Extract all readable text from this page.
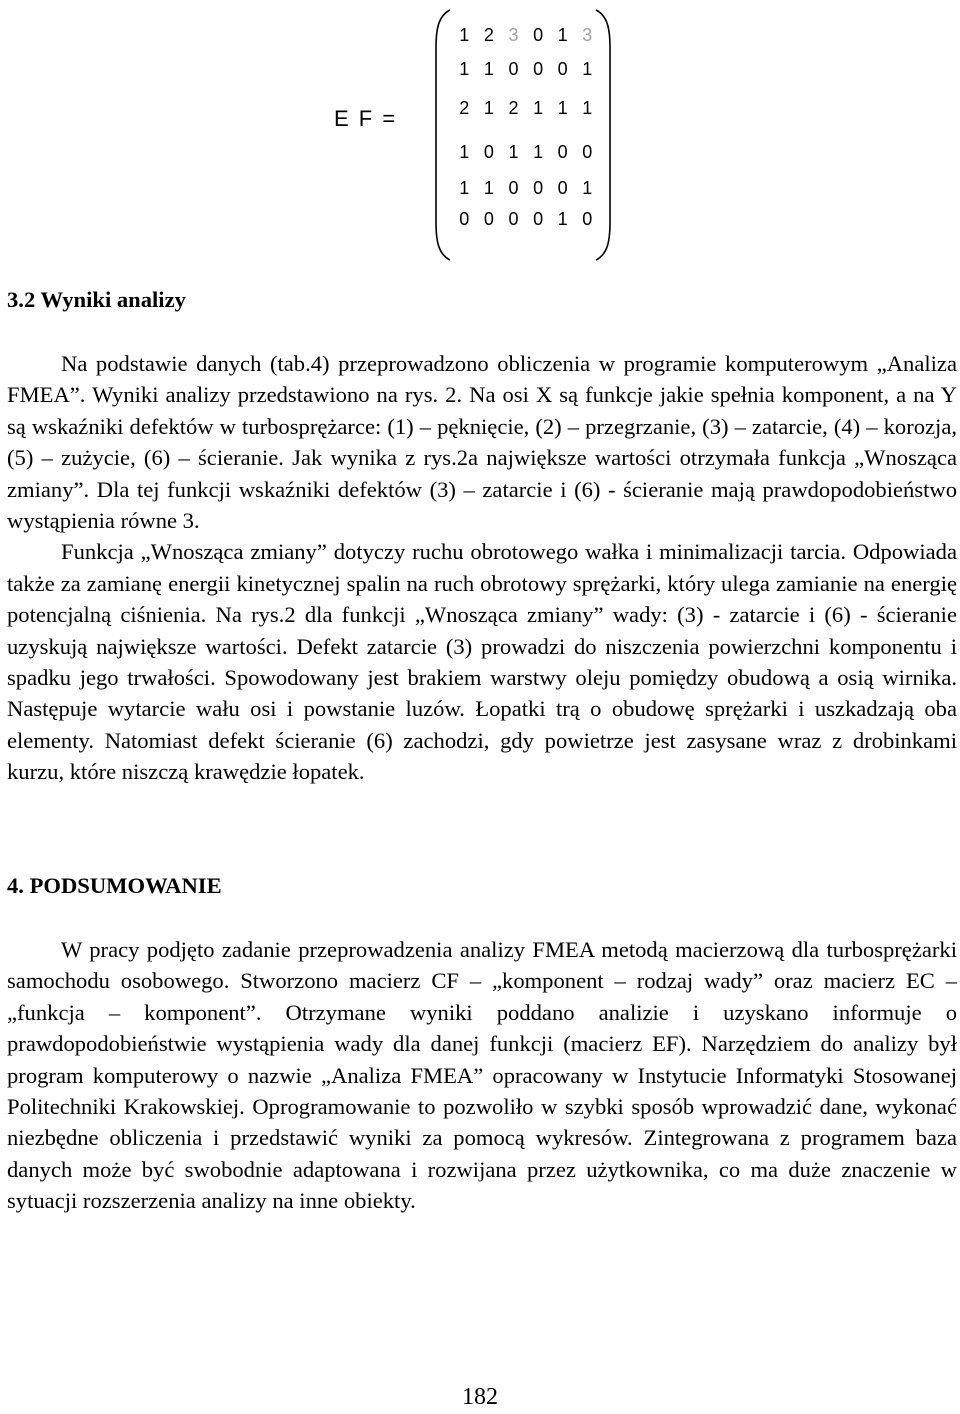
E F =
1 2 3 0 1 3
1 1 0 0 0 1
2 1 2 1 1 1
1 0 1 1 0 0
1 1 0 0 0 1
0 0 0 0 1 0
3.2 Wyniki analizy

Na podstawie danych (tab.4) przeprowadzono obliczenia w programie komputerowym „Analiza FMEA”. Wyniki analizy przedstawiono na rys. 2. Na osi X są funkcje jakie spełnia komponent, a na Y są wskaźniki defektów w turbosprężarce: (1) – pęknięcie, (2) – przegrzanie, (3) – zatarcie, (4) – korozja, (5) – zużycie, (6) – ścieranie. Jak wynika z rys.2a największe wartości otrzymała funkcja „Wnosząca zmiany”. Dla tej funkcji wskaźniki defektów (3) – zatarcie i (6) - ścieranie mają prawdopodobieństwo wystąpienia równe 3.

Funkcja „Wnosząca zmiany” dotyczy ruchu obrotowego wałka i minimalizacji tarcia. Odpowiada także za zamianę energii kinetycznej spalin na ruch obrotowy sprężarki, który ulega zamianie na energię potencjalną ciśnienia. Na rys.2 dla funkcji „Wnosząca zmiany” wady: (3) - zatarcie i (6) - ścieranie uzyskują największe wartości. Defekt zatarcie (3) prowadzi do niszczenia powierzchni komponentu i spadku jego trwałości. Spowodowany jest brakiem warstwy oleju pomiędzy obudową a osią wirnika. Następuje wytarcie wału osi i powstanie luzów. Łopatki trą o obudowę sprężarki i uszkadzają oba elementy. Natomiast defekt ścieranie (6) zachodzi, gdy powietrze jest zasysane wraz z drobinkami kurzu, które niszczą krawędzie łopatek.

4. PODSUMOWANIE

W pracy podjęto zadanie przeprowadzenia analizy FMEA metodą macierzową dla turbosprężarki samochodu osobowego. Stworzono macierz CF – „komponent – rodzaj wady” oraz macierz EC – „funkcja – komponent”. Otrzymane wyniki poddano analizie i uzyskano informuje o prawdopodobieństwie wystąpienia wady dla danej funkcji (macierz EF). Narzędziem do analizy był program komputerowy o nazwie „Analiza FMEA” opracowany w Instytucie Informatyki Stosowanej Politechniki Krakowskiej. Oprogramowanie to pozwoliło w szybki sposób wprowadzić dane, wykonać niezbędne obliczenia i przedstawić wyniki za pomocą wykresów. Zintegrowana z programem baza danych może być swobodnie adaptowana i rozwijana przez użytkownika, co ma duże znaczenie w sytuacji rozszerzenia analizy na inne obiekty.

182
